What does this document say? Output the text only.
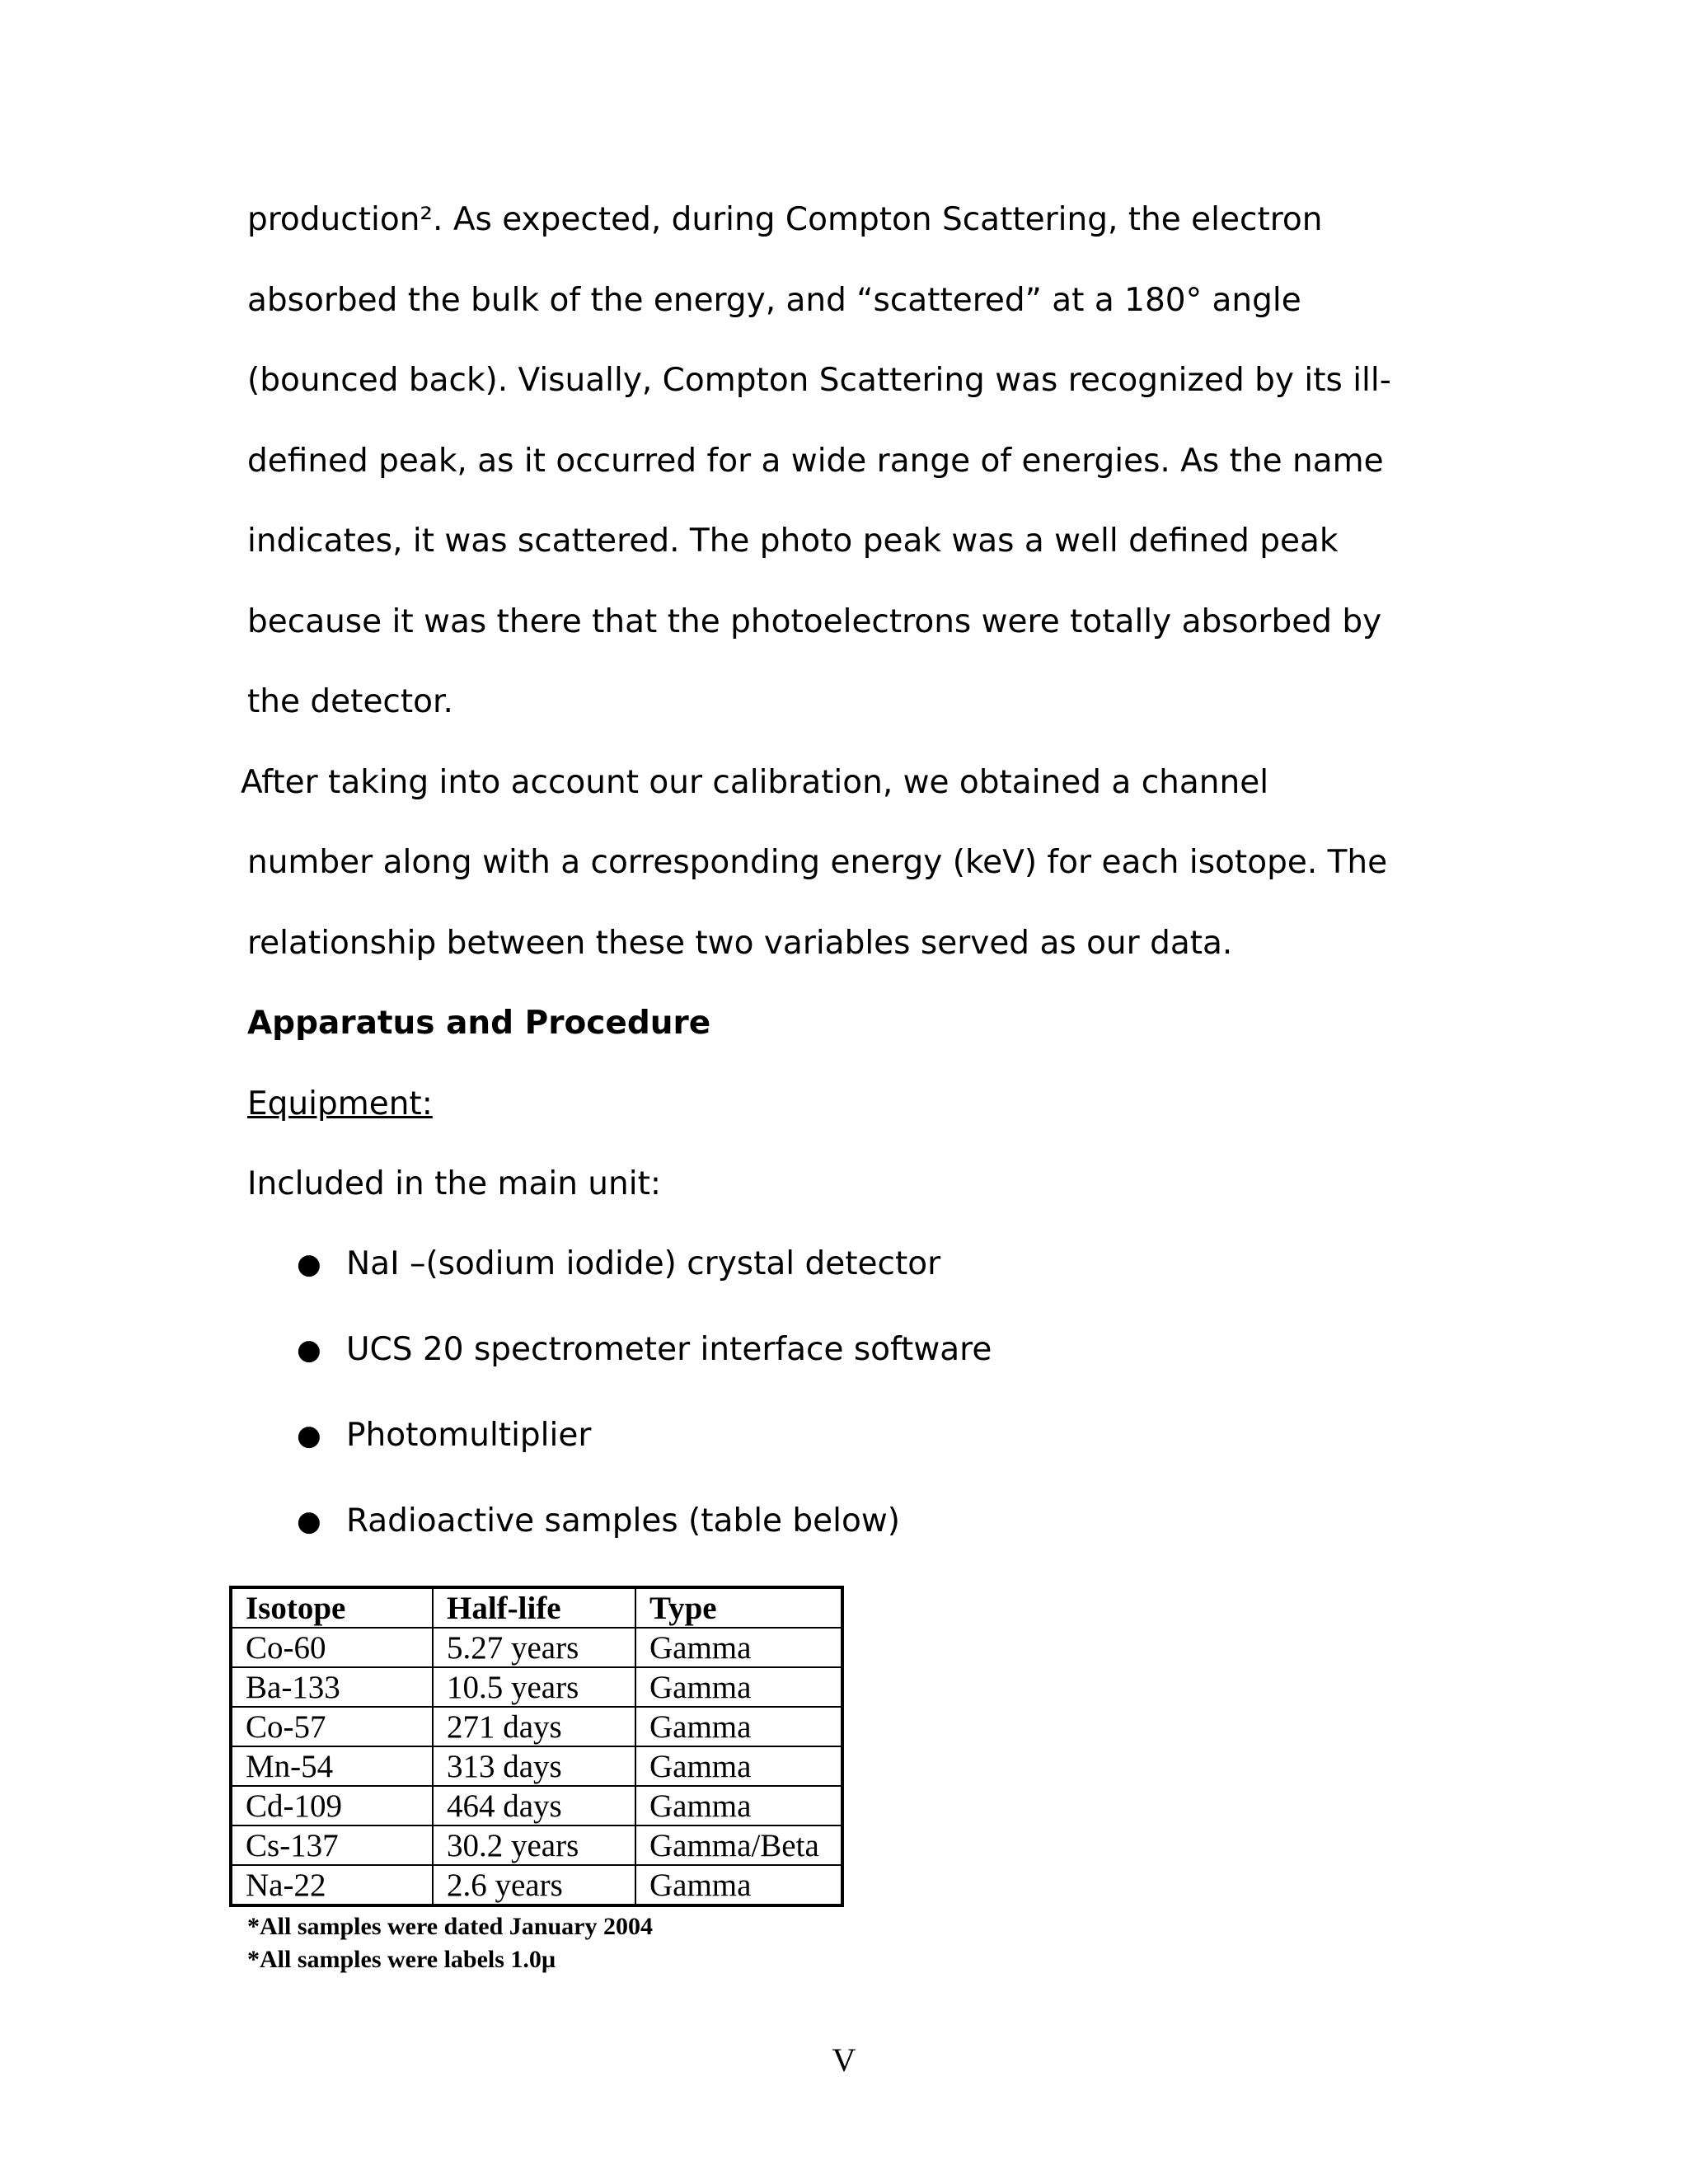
production². As expected, during Compton Scattering, the electron
absorbed the bulk of the energy, and “scattered” at a 180° angle
(bounced back). Visually, Compton Scattering was recognized by its ill-
defined peak, as it occurred for a wide range of energies. As the name
indicates, it was scattered. The photo peak was a well defined peak
because it was there that the photoelectrons were totally absorbed by
the detector.
After taking into account our calibration, we obtained a channel
number along with a corresponding energy (keV) for each isotope. The
relationship between these two variables served as our data.
Apparatus and Procedure
Equipment:
Included in the main unit:
● NaI –(sodium iodide) crystal detector
● UCS 20 spectrometer interface software
● Photomultiplier
● Radioactive samples (table below)
Isotope	Half-life	Type
Co-60	5.27 years	Gamma
Ba-133	10.5 years	Gamma
Co-57	271 days	Gamma
Mn-54	313 days	Gamma
Cd-109	464 days	Gamma
Cs-137	30.2 years	Gamma/Beta
Na-22	2.6 years	Gamma
*All samples were dated January 2004
*All samples were labels 1.0µ
V
